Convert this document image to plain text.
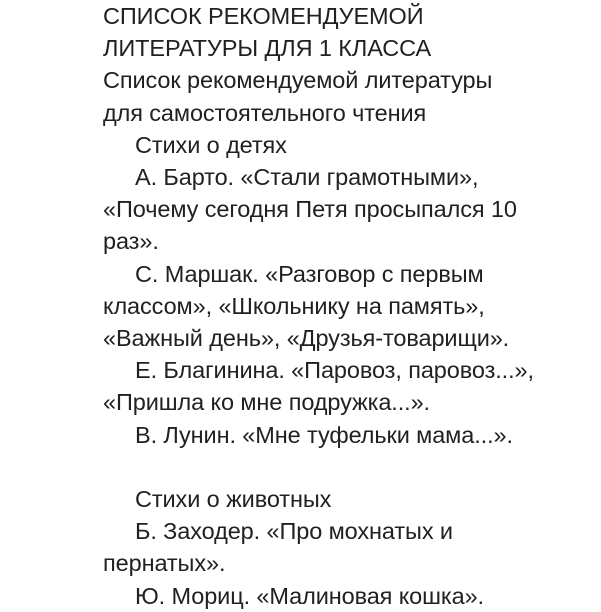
СПИСОК РЕКОМЕНДУЕМОЙ
ЛИТЕРАТУРЫ ДЛЯ 1 КЛАССА
Список рекомендуемой литературы
для самостоятельного чтения
Стихи о детях
А. Барто. «Стали грамотными»,
«Почему сегодня Петя просыпался 10
раз».
С. Маршак. «Разговор с первым
классом», «Школьнику на память»,
«Важный день», «Друзья-товарищи».
Е. Благинина. «Паровоз, паровоз...»,
«Пришла ко мне подружка...».
В. Лунин. «Мне туфельки мама...».
Стихи о животных
Б. Заходер. «Про мохнатых и
пернатых».
Ю. Мориц. «Малиновая кошка».
